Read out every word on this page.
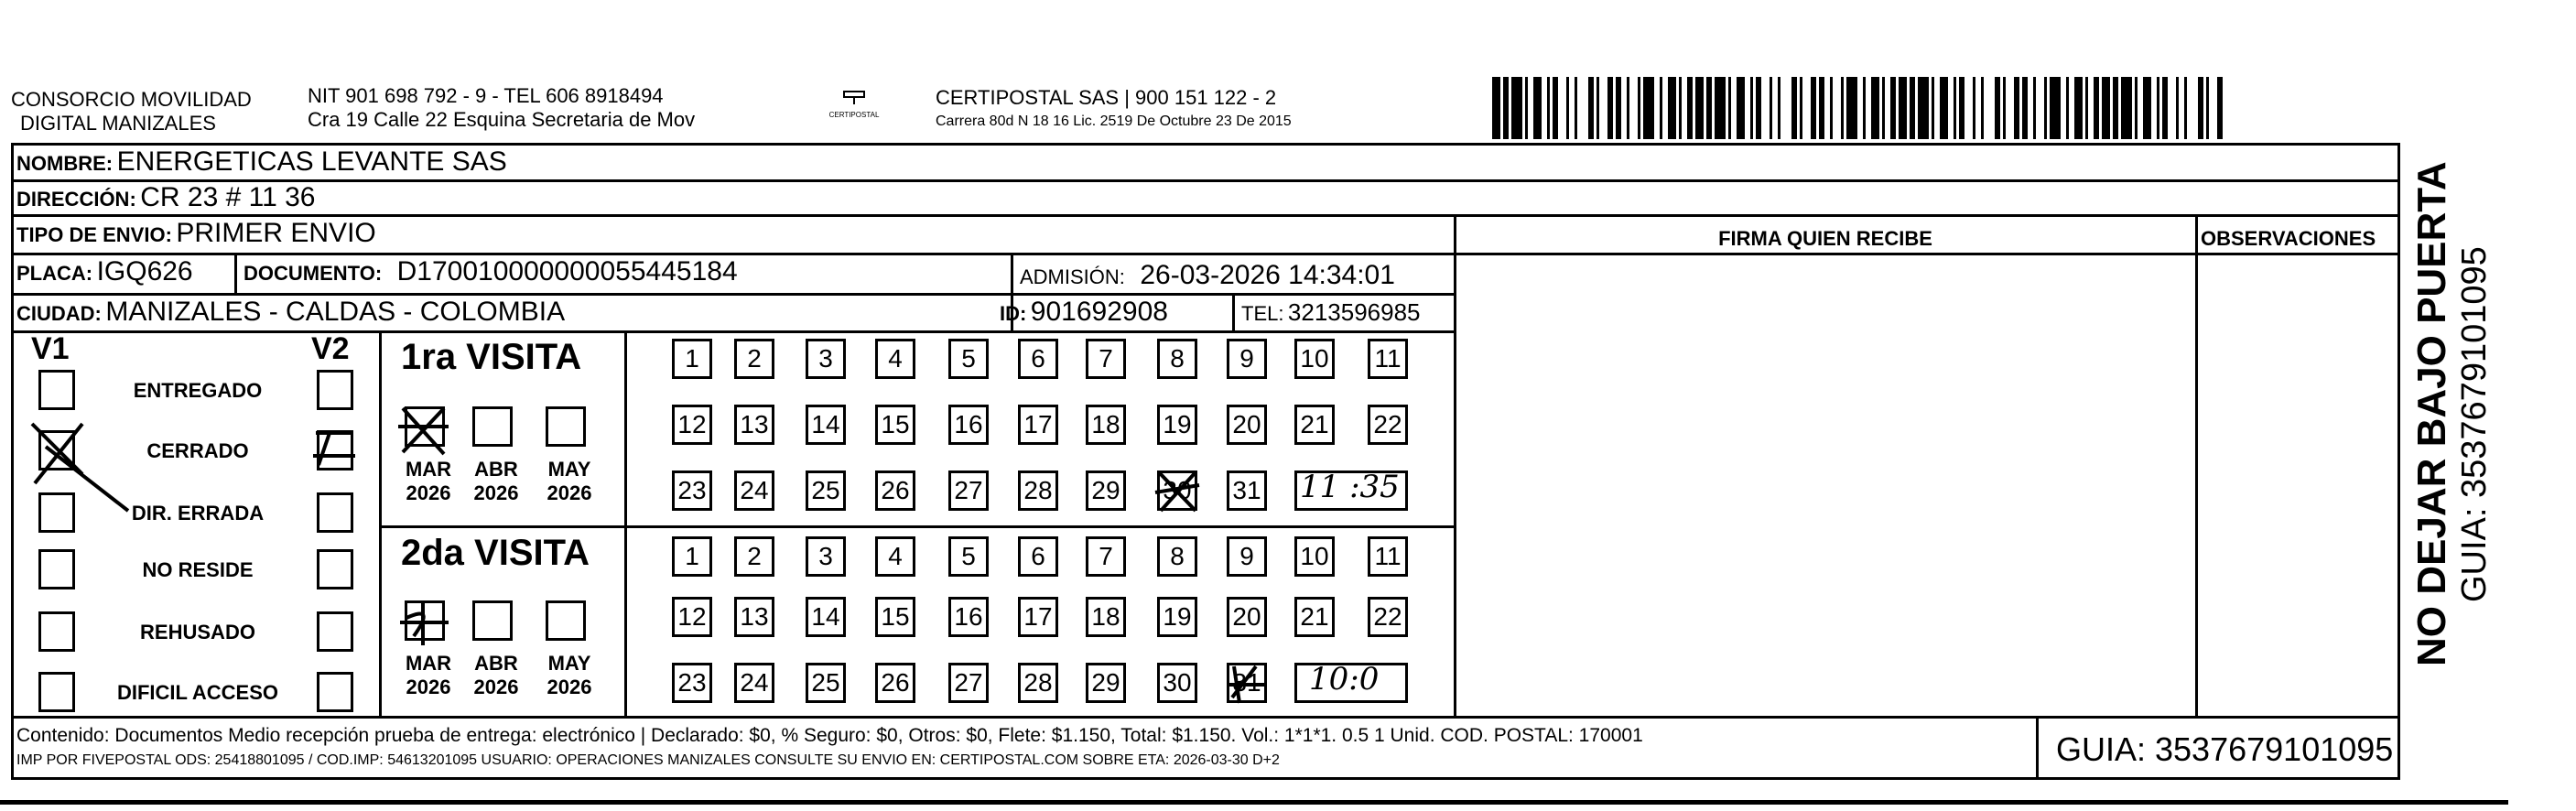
CONSORCIO MOVILIDAD
DIGITAL MANIZALES
NIT 901 698 792 - 9 - TEL 606 8918494
Cra 19 Calle 22 Esquina Secretaria de Mov	CERTIPOSTAL
CERTIPOSTAL SAS | 900 151 122 - 2
Carrera 80d N 18 16 Lic. 2519 De Octubre 23 De 2015
NOMBRE: ENERGETICAS LEVANTE SAS
DIRECCIÓN: CR 23 # 11 36
TIPO DE ENVIO: PRIMER ENVIO
PLACA: IGQ626	DOCUMENTO: D170010000000055445184	ADMISIÓN: 26-03-2026 14:34:01
CIUDAD: MANIZALES - CALDAS - COLOMBIA	ID: 901692908	TEL: 3213596985
FIRMA QUIEN RECIBE	OBSERVACIONES
V1	V2
ENTREGADO
CERRADO
DIR. ERRADA
NO RESIDE
REHUSADO
DIFICIL ACCESO
1ra VISITA
2da VISITA
MAR
2026
ABR
2026
MAY
2026
MAR
2026
ABR
2026
MAY
2026
1	2	3	4	5	6	7	8	9	10 11
12 13 14 15 16 17 18 19 20 21 22
23 24 25 26 27 28 29 30 31
1	2	3	4	5	6	7	8	9	10 11
12 13 14 15 16 17 18 19 20 21 22
23 24 25 26 27 28 29 30 31
11 :35
10:0
Contenido: Documentos Medio recepción prueba de entrega: electrónico | Declarado: $0, % Seguro: $0, Otros: $0, Flete: $1.150, Total: $1.150. Vol.: 1*1*1. 0.5 1 Unid. COD. POSTAL: 170001
IMP POR FIVEPOSTAL ODS: 25418801095 / COD.IMP: 54613201095 USUARIO: OPERACIONES MANIZALES CONSULTE SU ENVIO EN: CERTIPOSTAL.COM SOBRE ETA: 2026-03-30 D+2	GUIA: 3537679101095
NO DEJAR BAJO PUERTA GUIA: 3537679101095
